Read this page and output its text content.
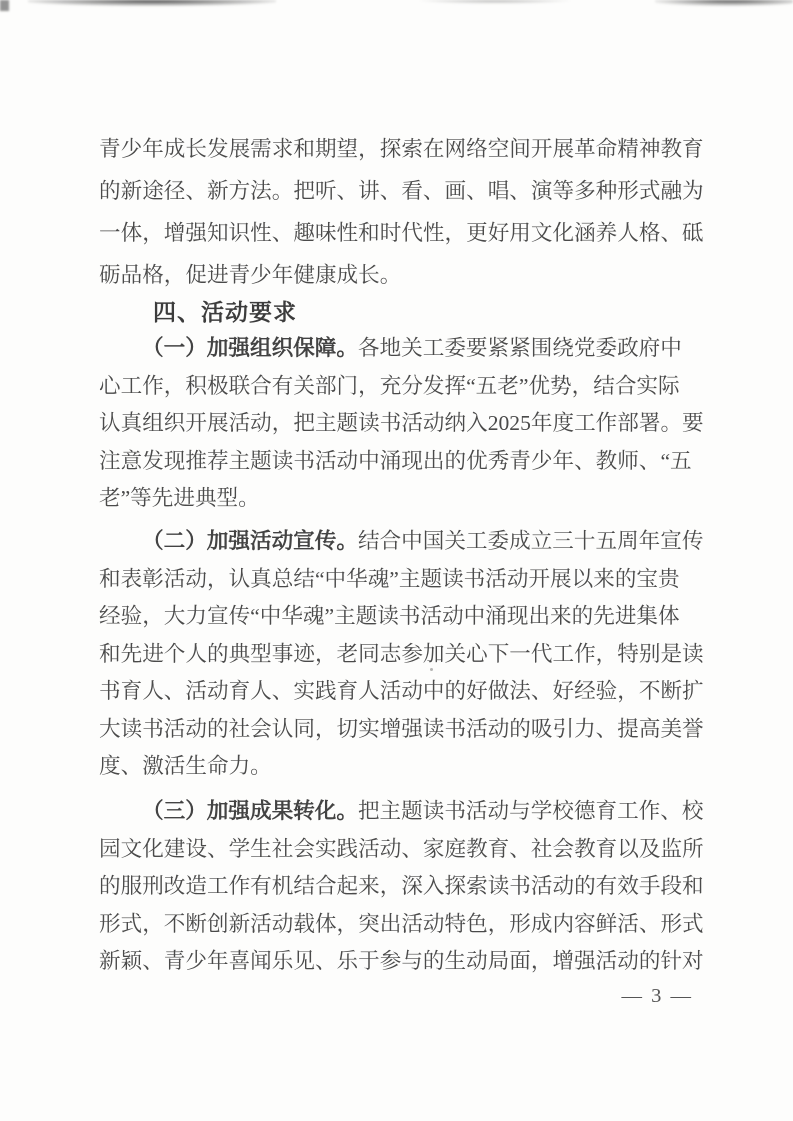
青少年成长发展需求和期望，探索在网络空间开展革命精神教育
的新途径、新方法。把听、讲、看、画、唱、演等多种形式融为
一体，增强知识性、趣味性和时代性，更好用文化涵养人格、砥
砺品格，促进青少年健康成长。
四、活动要求
（一）加强组织保障。各地关工委要紧紧围绕党委政府中
心工作，积极联合有关部门，充分发挥“五老”优势，结合实际
认真组织开展活动，把主题读书活动纳入2025年度工作部署。要
注意发现推荐主题读书活动中涌现出的优秀青少年、教师、“五
老”等先进典型。
（二）加强活动宣传。结合中国关工委成立三十五周年宣传
和表彰活动，认真总结“中华魂”主题读书活动开展以来的宝贵
经验，大力宣传“中华魂”主题读书活动中涌现出来的先进集体
和先进个人的典型事迹，老同志参加关心下一代工作，特别是读
书育人、活动育人、实践育人活动中的好做法、好经验，不断扩
大读书活动的社会认同，切实增强读书活动的吸引力、提高美誉
度、激活生命力。
（三）加强成果转化。把主题读书活动与学校德育工作、校
园文化建设、学生社会实践活动、家庭教育、社会教育以及监所
的服刑改造工作有机结合起来，深入探索读书活动的有效手段和
形式，不断创新活动载体，突出活动特色，形成内容鲜活、形式
新颖、青少年喜闻乐见、乐于参与的生动局面，增强活动的针对
— 3 —
